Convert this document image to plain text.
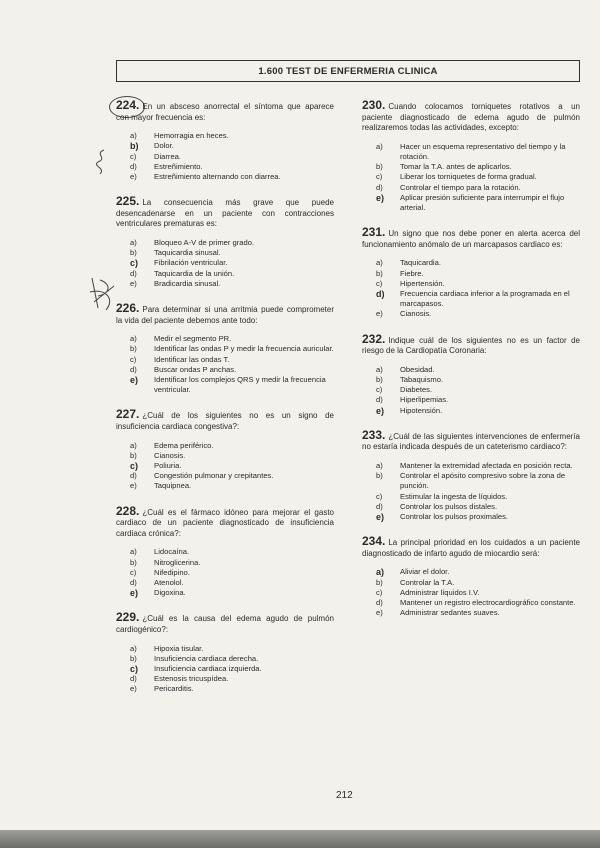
1.600 TEST DE ENFERMERIA CLINICA
224. En un absceso anorrectal el síntoma que aparece con mayor frecuencia es:
a)	Hemorragia en heces.
b)	Dolor.
c)	Diarrea.
d)	Estreñimiento.
e)	Estreñimiento alternando con diarrea.
225. La consecuencia más grave que puede desencadenarse en un paciente con contracciones ventriculares prematuras es:
a)	Bloqueo A-V de primer grado.
b)	Taquicardia sinusal.
c)	Fibrilación ventricular.
d)	Taquicardia de la unión.
e)	Bradicardia sinusal.
226. Para determinar si una arritmia puede comprometer la vida del paciente debemos ante todo:
a)	Medir el segmento PR.
b)	Identificar las ondas P y medir la frecuencia auricular.
c)	Identificar las ondas T.
d)	Buscar ondas P anchas.
e)	Identificar los complejos QRS y medir la frecuencia ventricular.
227. ¿Cuál de los siguientes no es un signo de insuficiencia cardiaca congestiva?:
a)	Edema periférico.
b)	Cianosis.
c)	Poliuria.
d)	Congestión pulmonar y crepitantes.
e)	Taquipnea.
228. ¿Cuál es el fármaco idóneo para mejorar el gasto cardiaco de un paciente diagnosticado de insuficiencia cardiaca crónica?:
a)	Lidocaína.
b)	Nitroglicerina.
c)	Nifedipino.
d)	Atenolol.
e)	Digoxina.
229. ¿Cuál es la causa del edema agudo de pulmón cardiogénico?:
a)	Hipoxia tisular.
b)	Insuficiencia cardiaca derecha.
c)	Insuficiencia cardiaca izquierda.
d)	Estenosis tricuspídea.
e)	Pericarditis.
230. Cuando colocamos torniquetes rotativos a un paciente diagnosticado de edema agudo de pulmón realizaremos todas las actividades, excepto:
a)	Hacer un esquema representativo del tiempo y la rotación.
b)	Tomar la T.A. antes de aplicarlos.
c)	Liberar los torniquetes de forma gradual.
d)	Controlar el tiempo para la rotación.
e)	Aplicar presión suficiente para interrumpir el flujo arterial.
231. Un signo que nos debe poner en alerta acerca del funcionamiento anómalo de un marcapasos cardiaco es:
a)	Taquicardia.
b)	Fiebre.
c)	Hipertensión.
d)	Frecuencia cardiaca inferior a la programada en el marcapasos.
e)	Cianosis.
232. Indique cuál de los siguientes no es un factor de riesgo de la Cardiopatía Coronaria:
a)	Obesidad.
b)	Tabaquismo.
c)	Diabetes.
d)	Hiperlipemias.
e)	Hipotensión.
233. ¿Cuál de las siguientes intervenciones de enfermería no estaría indicada después de un cateterismo cardiaco?:
a)	Mantener la extremidad afectada en posición recta.
b)	Controlar el apósito compresivo sobre la zona de punción.
c)	Estimular la ingesta de líquidos.
d)	Controlar los pulsos distales.
e)	Controlar los pulsos proximales.
234. La principal prioridad en los cuidados a un paciente diagnosticado de infarto agudo de miocardio será:
a)	Aliviar el dolor.
b)	Controlar la T.A.
c)	Administrar líquidos I.V.
d)	Mantener un registro electrocardiográfico constante.
e)	Administrar sedantes suaves.
212
